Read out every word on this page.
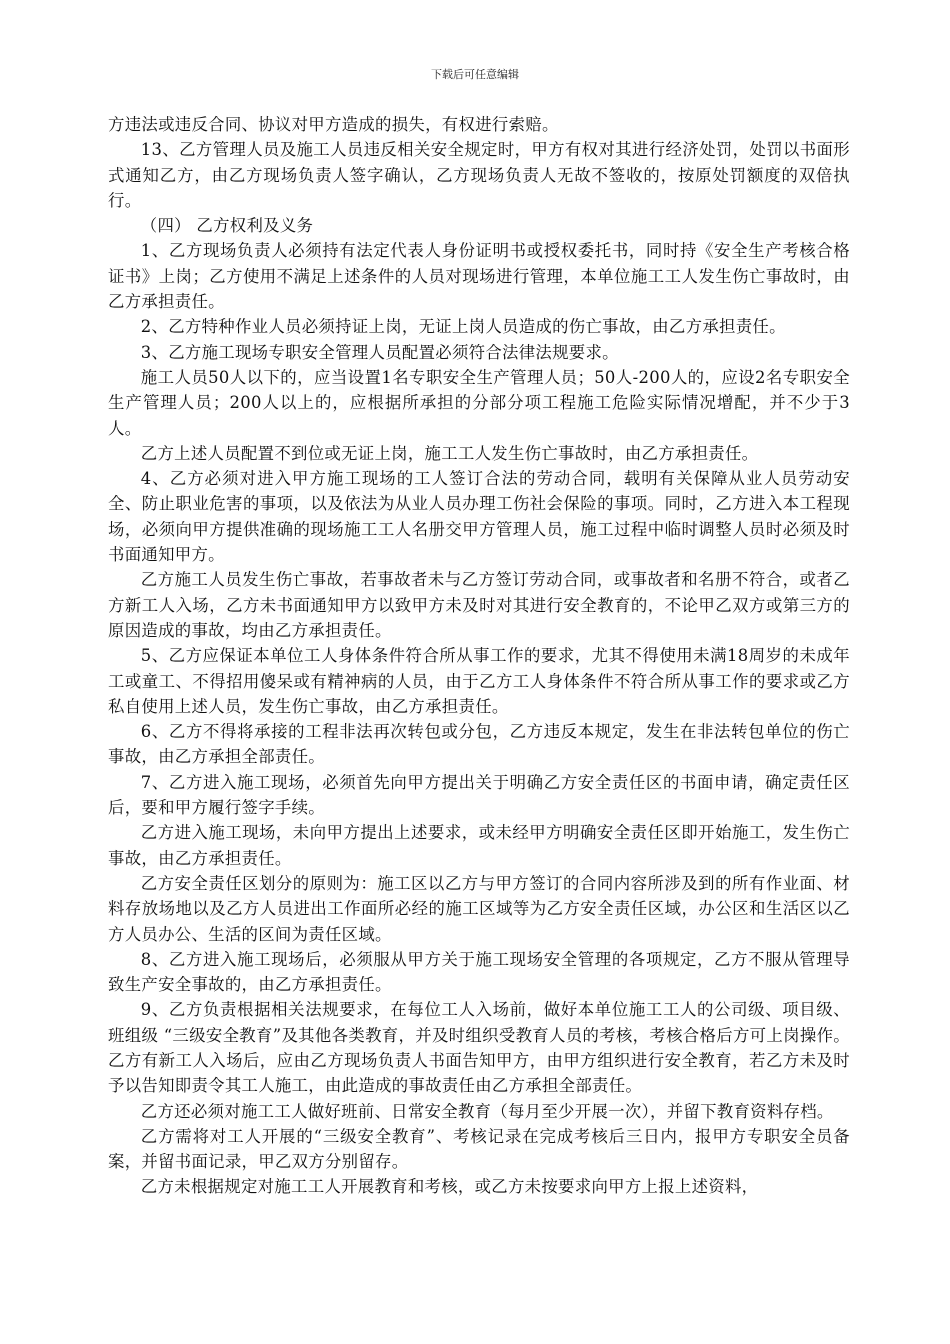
下载后可任意编辑

方违法或违反合同、协议对甲方造成的损失，有权进行索赔。

13、乙方管理人员及施工人员违反相关安全规定时，甲方有权对其进行经济处罚，处罚以书面形式通知乙方，由乙方现场负责人签字确认，乙方现场负责人无故不签收的，按原处罚额度的双倍执行。

（四） 乙方权利及义务

1、乙方现场负责人必须持有法定代表人身份证明书或授权委托书，同时持《安全生产考核合格证书》上岗；乙方使用不满足上述条件的人员对现场进行管理，本单位施工工人发生伤亡事故时，由乙方承担责任。

2、乙方特种作业人员必须持证上岗，无证上岗人员造成的伤亡事故，由乙方承担责任。

3、乙方施工现场专职安全管理人员配置必须符合法律法规要求。

施工人员50人以下的，应当设置1名专职安全生产管理人员；50人-200人的，应设2名专职安全生产管理人员；200人以上的，应根据所承担的分部分项工程施工危险实际情况增配，并不少于3人。

乙方上述人员配置不到位或无证上岗，施工工人发生伤亡事故时，由乙方承担责任。

4、乙方必须对进入甲方施工现场的工人签订合法的劳动合同，载明有关保障从业人员劳动安全、防止职业危害的事项，以及依法为从业人员办理工伤社会保险的事项。同时，乙方进入本工程现场，必须向甲方提供准确的现场施工工人名册交甲方管理人员，施工过程中临时调整人员时必须及时书面通知甲方。

乙方施工人员发生伤亡事故，若事故者未与乙方签订劳动合同，或事故者和名册不符合，或者乙方新工人入场，乙方未书面通知甲方以致甲方未及时对其进行安全教育的，不论甲乙双方或第三方的原因造成的事故，均由乙方承担责任。

5、乙方应保证本单位工人身体条件符合所从事工作的要求，尤其不得使用未满18周岁的未成年工或童工、不得招用傻呆或有精神病的人员，由于乙方工人身体条件不符合所从事工作的要求或乙方私自使用上述人员，发生伤亡事故，由乙方承担责任。

6、乙方不得将承接的工程非法再次转包或分包，乙方违反本规定，发生在非法转包单位的伤亡事故，由乙方承担全部责任。

7、乙方进入施工现场，必须首先向甲方提出关于明确乙方安全责任区的书面申请，确定责任区后，要和甲方履行签字手续。

乙方进入施工现场，未向甲方提出上述要求，或未经甲方明确安全责任区即开始施工，发生伤亡事故，由乙方承担责任。

乙方安全责任区划分的原则为：施工区以乙方与甲方签订的合同内容所涉及到的所有作业面、材料存放场地以及乙方人员进出工作面所必经的施工区域等为乙方安全责任区域，办公区和生活区以乙方人员办公、生活的区间为责任区域。

8、乙方进入施工现场后，必须服从甲方关于施工现场安全管理的各项规定，乙方不服从管理导致生产安全事故的，由乙方承担责任。

9、乙方负责根据相关法规要求，在每位工人入场前，做好本单位施工工人的公司级、项目级、班组级 “三级安全教育”及其他各类教育，并及时组织受教育人员的考核，考核合格后方可上岗操作。乙方有新工人入场后，应由乙方现场负责人书面告知甲方，由甲方组织进行安全教育，若乙方未及时予以告知即责令其工人施工，由此造成的事故责任由乙方承担全部责任。

乙方还必须对施工工人做好班前、日常安全教育（每月至少开展一次），并留下教育资料存档。

乙方需将对工人开展的“三级安全教育”、考核记录在完成考核后三日内，报甲方专职安全员备案，并留书面记录，甲乙双方分别留存。

乙方未根据规定对施工工人开展教育和考核，或乙方未按要求向甲方上报上述资料，
